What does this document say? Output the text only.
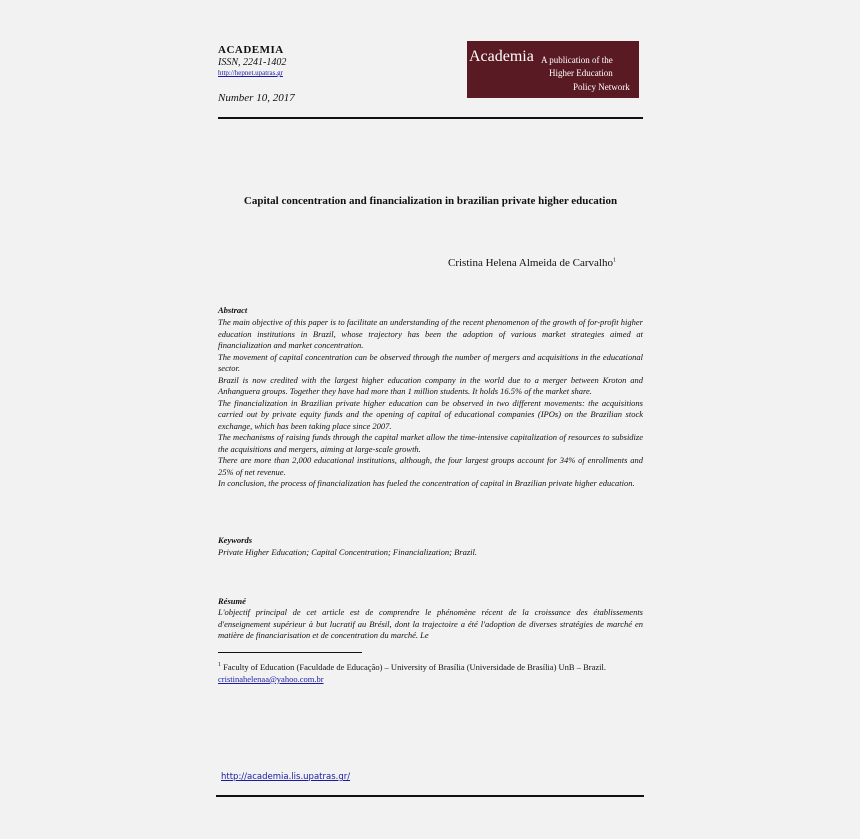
ACADEMIA
ISSN, 2241-1402
http://hepnet.upatras.gr
Number 10, 2017
Academia A publication of the
Higher Education
Policy Network
Capital concentration and financialization in brazilian private higher education
Cristina Helena Almeida de Carvalho$^1$
Abstract

The main objective of this paper is to facilitate an understanding of the recent phenomenon of the growth of for-profit higher education institutions in Brazil, whose trajectory has been the adoption of various market strategies aimed at financialization and market concentration.

The movement of capital concentration can be observed through the number of mergers and acquisitions in the educational sector.

Brazil is now credited with the largest higher education company in the world due to a merger between Kroton and Anhanguera groups. Together they have had more than 1 million students. It holds 16.5% of the market share.

The financialization in Brazilian private higher education can be observed in two different movements: the acquisitions carried out by private equity funds and the opening of capital of educational companies (IPOs) on the Brazilian stock exchange, which has been taking place since 2007.

The mechanisms of raising funds through the capital market allow the time-intensive capitalization of resources to subsidize the acquisitions and mergers, aiming at large-scale growth.

There are more than 2,000 educational institutions, although, the four largest groups account for 34% of enrollments and 25% of net revenue.

In conclusion, the process of financialization has fueled the concentration of capital in Brazilian private higher education.

Keywords
Private Higher Education; Capital Concentration; Financialization; Brazil.
Résumé
L'objectif principal de cet article est de comprendre le phénomène récent de la croissance des établissements d'enseignement supérieur à but lucratif au Brésil, dont la trajectoire a été l'adoption de diverses stratégies de marché en matière de financiarisation et de concentration du marché. Le
$^1$ Faculty of Education (Faculdade de Educação) – University of Brasília (Universidade de Brasília) UnB – Brazil. cristinahelenaa@yahoo.com.br
http://academia.lis.upatras.gr/
